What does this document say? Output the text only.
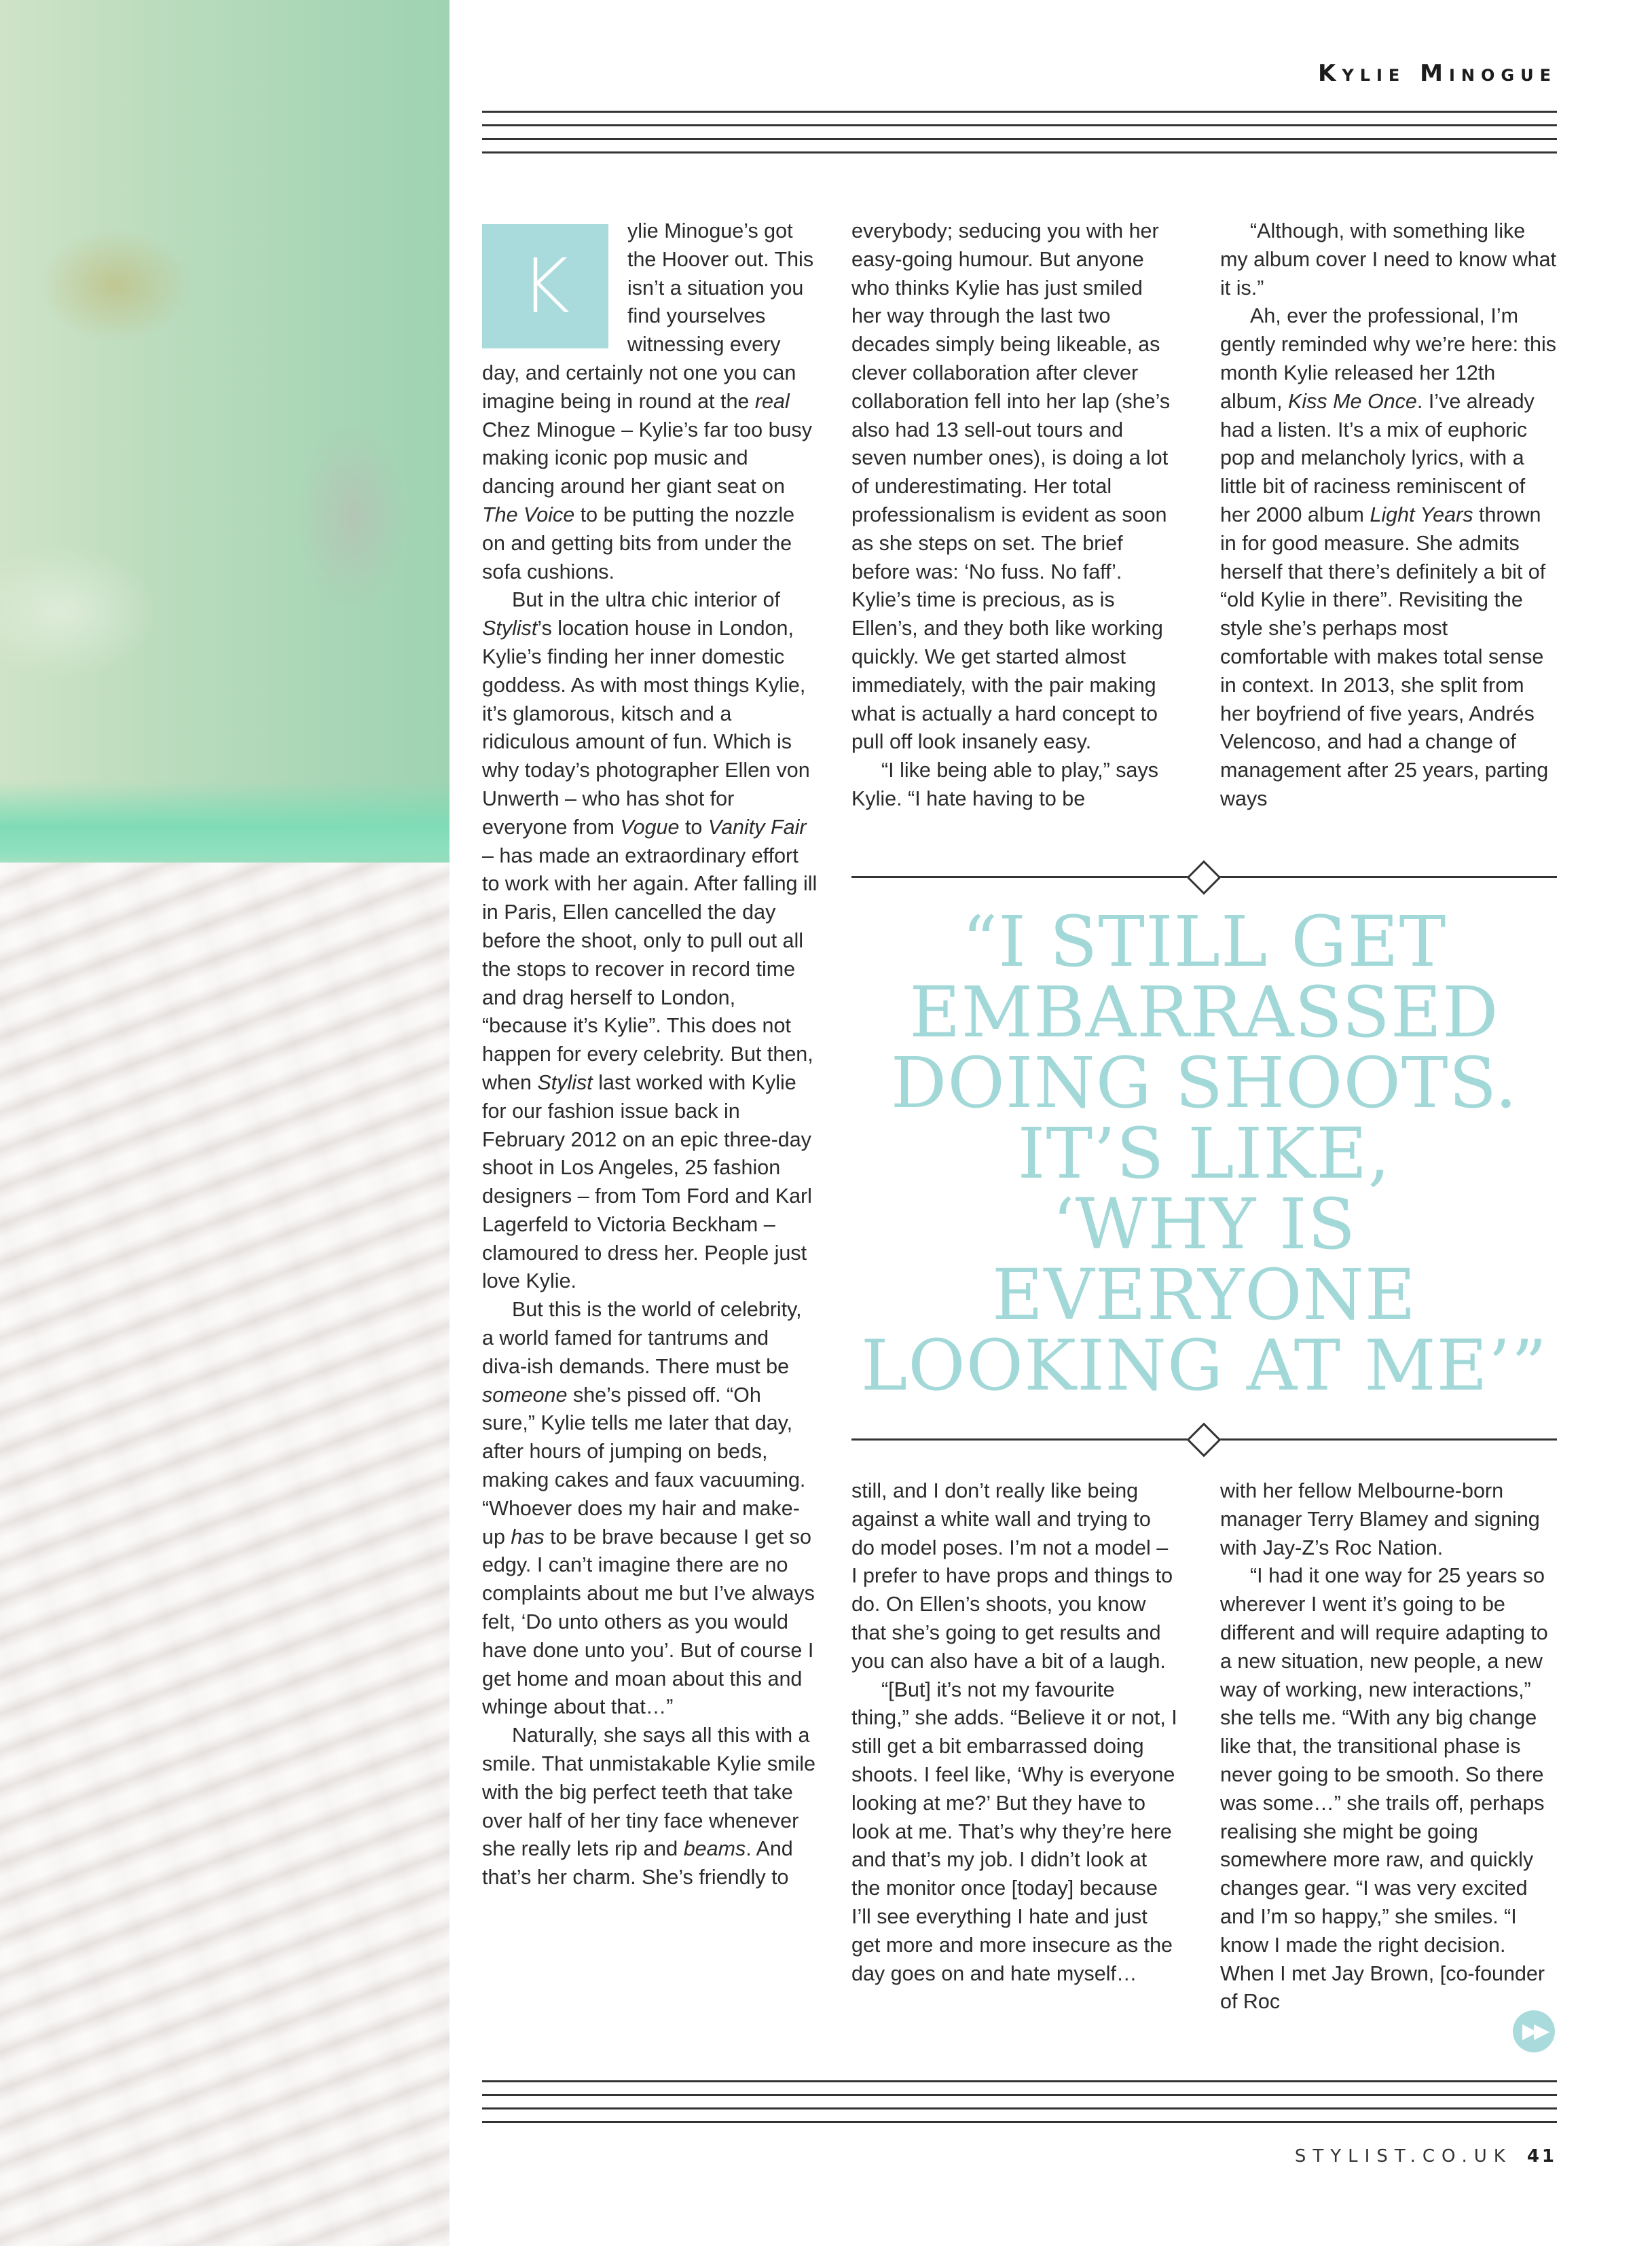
Kylie Minogue
K

ylie Minogue’s got the Hoover out. This isn’t a situation you find yourselves witnessing every day, and certainly not one you can imagine being in round at the real Chez Minogue – Kylie’s far too busy making iconic pop music and dancing around her giant seat on The Voice to be putting the nozzle on and getting bits from under the sofa cushions.

But in the ultra chic interior of Stylist’s location house in London, Kylie’s finding her inner domestic goddess. As with most things Kylie, it’s glamorous, kitsch and a ridiculous amount of fun. Which is why today’s photographer Ellen von Unwerth – who has shot for everyone from Vogue to Vanity Fair – has made an extraordinary effort to work with her again. After falling ill in Paris, Ellen cancelled the day before the shoot, only to pull out all the stops to recover in record time and drag herself to London, “because it’s Kylie”. This does not happen for every celebrity. But then, when Stylist last worked with Kylie for our fashion issue back in February 2012 on an epic three-day shoot in Los Angeles, 25 fashion designers – from Tom Ford and Karl Lagerfeld to Victoria Beckham – clamoured to dress her. People just love Kylie.

But this is the world of celebrity, a world famed for tantrums and diva-ish demands. There must be someone she’s pissed off. “Oh sure,” Kylie tells me later that day, after hours of jumping on beds, making cakes and faux vacuuming. “Whoever does my hair and make-up has to be brave because I get so edgy. I can’t imagine there are no complaints about me but I’ve always felt, ‘Do unto others as you would have done unto you’. But of course I get home and moan about this and whinge about that…”

Naturally, she says all this with a smile. That unmistakable Kylie smile with the big perfect teeth that take over half of her tiny face whenever she really lets rip and beams. And that’s her charm. She’s friendly to

everybody; seducing you with her easy-going humour. But anyone who thinks Kylie has just smiled her way through the last two decades simply being likeable, as clever collaboration after clever collaboration fell into her lap (she’s also had 13 sell-out tours and seven number ones), is doing a lot of underestimating. Her total professionalism is evident as soon as she steps on set. The brief before was: ‘No fuss. No faff’. Kylie’s time is precious, as is Ellen’s, and they both like working quickly. We get started almost immediately, with the pair making what is actually a hard concept to pull off look insanely easy.

“I like being able to play,” says Kylie. “I hate having to be

“Although, with something like my album cover I need to know what it is.”

Ah, ever the professional, I’m gently reminded why we’re here: this month Kylie released her 12th album, Kiss Me Once. I’ve already had a listen. It’s a mix of euphoric pop and melancholy lyrics, with a little bit of raciness reminiscent of her 2000 album Light Years thrown in for good measure. She admits herself that there’s definitely a bit of “old Kylie in there”. Revisiting the style she’s perhaps most comfortable with makes total sense in context. In 2013, she split from her boyfriend of five years, Andrés Velencoso, and had a change of management after 25 years, parting ways

“I STILL GET
EMBARRASSED
DOING SHOOTS.
IT’S LIKE,
‘WHY IS
EVERYONE
LOOKING AT ME’”

still, and I don’t really like being against a white wall and trying to do model poses. I’m not a model – I prefer to have props and things to do. On Ellen’s shoots, you know that she’s going to get results and you can also have a bit of a laugh.

“[But] it’s not my favourite thing,” she adds. “Believe it or not, I still get a bit embarrassed doing shoots. I feel like, ‘Why is everyone looking at me?’ But they have to look at me. That’s why they’re here and that’s my job. I didn’t look at the monitor once [today] because I’ll see everything I hate and just get more and more insecure as the day goes on and hate myself…

with her fellow Melbourne-born manager Terry Blamey and signing with Jay-Z’s Roc Nation.

“I had it one way for 25 years so wherever I went it’s going to be different and will require adapting to a new situation, new people, a new way of working, new interactions,” she tells me. “With any big change like that, the transitional phase is never going to be smooth. So there was some…” she trails off, perhaps realising she might be going somewhere more raw, and quickly changes gear. “I was very excited and I’m so happy,” she smiles. “I know I made the right decision. When I met Jay Brown, [co-founder of Roc

▶▶
STYLIST.CO.UK 41
